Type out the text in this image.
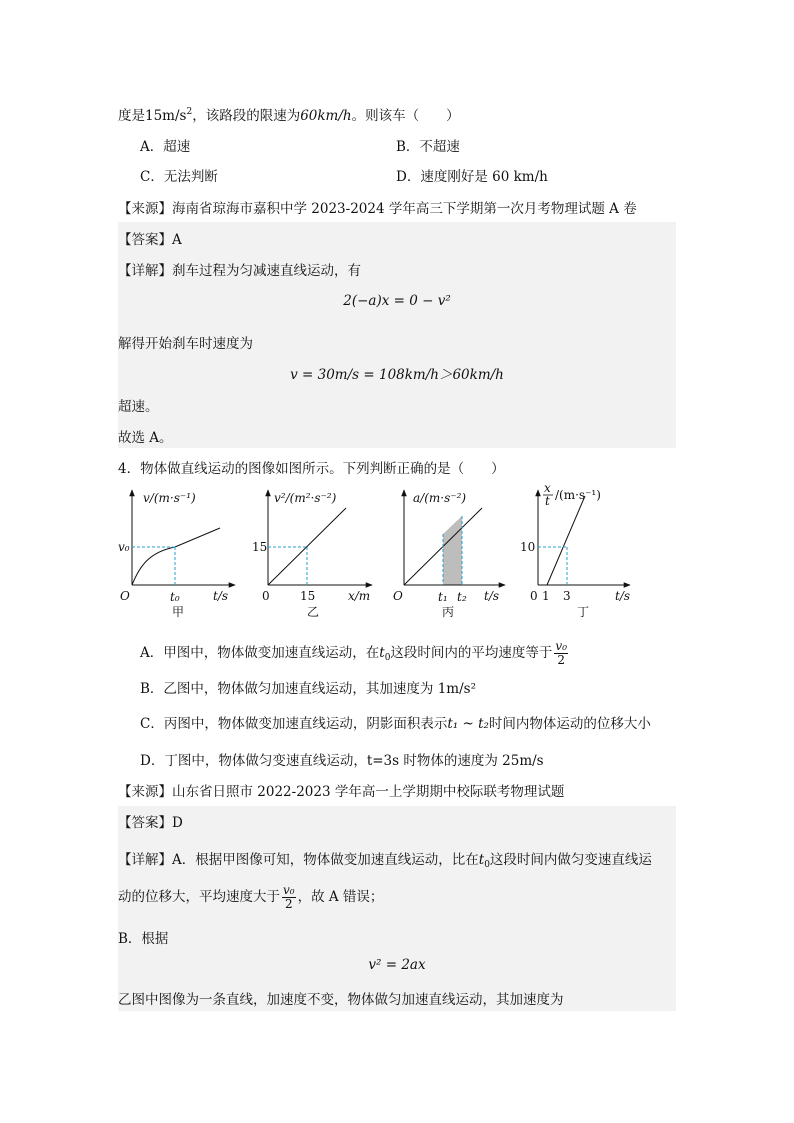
度是$15m/s^2$，该路段的限速为60km/h。则该车（　　）
A．超速	B．不超速
C．无法判断	D．速度刚好是 60 km/h
【来源】海南省琼海市嘉积中学 2023-2024 学年高三下学期第一次月考物理试题 A 卷
【答案】A
【详解】刹车过程为匀减速直线运动，有
2(−a)x = 0 − v²
解得开始刹车时速度为
v = 30m/s = 108km/h＞60km/h
超速。
故选 A。
4．物体做直线运动的图像如图所示。下列判断正确的是（　　）
v/(m·s⁻¹)
v₀
t₀
O	t/s
甲
v²/(m²·s⁻²)
15
15
0	x/m
乙
a/(m·s⁻²)
t₁ t₂
O	t/s
丙
x
t /(m·s⁻¹)
10
1 3
0	t/s
丁
A．甲图中，物体做变加速直线运动，在$t_0$这段时间内的平均速度等于 $\frac{\text{v₀}}{2}$
B．乙图中，物体做匀加速直线运动，其加速度为 1m/s²
C．丙图中，物体做变加速直线运动，阴影面积表示t₁ ~ t₂时间内物体运动的位移大小
D．丁图中，物体做匀变速直线运动，t=3s 时物体的速度为 25m/s
【来源】山东省日照市 2022-2023 学年高一上学期期中校际联考物理试题
【答案】D
【详解】A．根据甲图像可知，物体做变加速直线运动，比在$t_0$这段时间内做匀变速直线运
动的位移大，平均速度大于 $\frac{\text{v₀}}{2}$ ，故 A 错误；
B．根据
v² = 2ax
乙图中图像为一条直线，加速度不变，物体做匀加速直线运动，其加速度为
